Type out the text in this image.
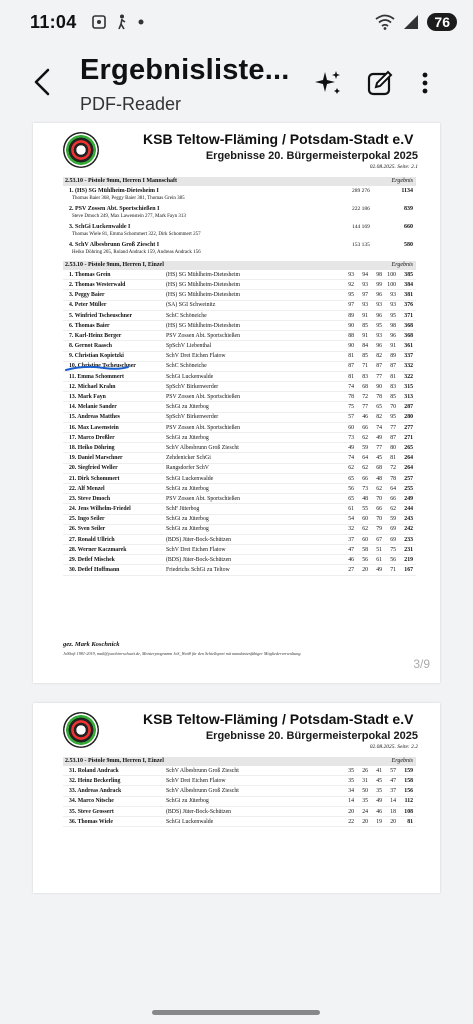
11:04	76
Ergebnisliste...
PDF-Reader
KSB Teltow-Fläming / Potsdam-Stadt e.V
Ergebnisse 20. Bürgermeisterpokal 2025
02.08.2025. Seite: 2.1
2.53.10 - Pistole 9mm, Herren I Mannschaft	Ergebnis
1. (HS) SG Mühlheim-Dietesheim I
Thomas Baier 368, Peggy Baier 381, Thomas Grein 385
289 276	1134
2. PSV Zossen Abt. Sportschießen I
Steve Dmoch 249, Max Lawenstein 277, Mark Fayn 313
222 186	839
3. SchGi Luckenwalde I
Thomas Wiele 81, Emma Schommert 322, Dirk Schommert 257
144 169	660
4. SchV Albesbrunn Groß Ziescht I
Heiko Döhring 265, Roland Andrack 159, Andreas Andrack 156
153 135	580
2.53.10 - Pistole 9mm, Herren I, Einzel	Ergebnis
1. Thomas Grein	(HS) SG Mühlheim-Dietesheim	93	94	98 100 385
2. Thomas Westerwald	(HS) SG Mühlheim-Dietesheim	92	93	99 100 384
3. Peggy Baier	(HS) SG Mühlheim-Dietesheim	95	97	96	93 381
4. Peter Müller	(SA) SGI Schweinitz	97	93	93	93 376
5. Winfried Tscheuschner	SchC Schöneiche	89	91	96	95 371
6. Thomas Baier	(HS) SG Mühlheim-Dietesheim	90	85	95	98 368
7. Karl-Heinz Berger	PSV Zossen Abt. Sportschießen	88	91	93	96 368
8. Gernot Raasch	SpSchV Liebenthal	90	84	96	91 361
9. Christian Kopietzki	SchV Drei Eichen Flatow	81	85	82	89 337
10. Christine Tscheuschner	SchC Schöneiche	87	71	87	87 332
11. Emma Schommert	SchGi Luckenwalde	81	83	77	81 322
12. Michael Krahn	SpSchV Birkenwerder	74	68	90	83 315
13. Mark Fayn	PSV Zossen Abt. Sportschießen	78	72	78	85 313
14. Melanie Sander	SchGi zu Jüterbog	75	77	65	70 287
15. Andreas Matthes	SpSchV Birkenwerder	57	46	82	95 280
16. Max Lawenstein	PSV Zossen Abt. Sportschießen	60	66	74	77 277
17. Marco Dreßler	SchGi zu Jüterbog	73	62	49	87 271
18. Heiko Döhring	SchV Albesbrunn Groß Ziescht	49	59	77	80 265
19. Daniel Marschner	Zehdenicker SchGi	74	64	45	81 264
20. Siegfried Weller	Rangsdorfer SchV	62	62	68	72 264
21. Dirk Schommert	SchGi Luckenwalde	65	66	48	78 257
22. Alf Menzel	SchGi zu Jüterbog	56	73	62	64 255
23. Steve Dmoch	PSV Zossen Abt. Sportschießen	65	48	70	66 249
24. Jens Wilhelm-Friedel	SchF Jüterbog	61	55	66	62 244
25. Ingo Seiler	SchGi zu Jüterbog	54	60	70	59 243
26. Sven Seiler	SchGi zu Jüterbog	32	62	79	69 242
27. Ronald Ullrich	(BDS) Jüter-Bock-Schützen	37	60	67	69 233
28. Werner Kaczmarek	SchV Drei Eichen Flatow	47	58	51	75 231
29. Detlef Mischek	(BDS) Jüter-Bock-Schützen	46	56	61	56 219
30. Detlef Hoffmann	Friedrichs SchGi zu Teltow	27	20	49	71 167
gez. Mark Koschnick
JoSSoft 1981-2019, mail@joachim-schuett.de, Meisterprogramm JoS_Wett8 für den Schießsport mit mandantenfähiger Mitgliederverwaltung.
3/9
KSB Teltow-Fläming / Potsdam-Stadt e.V
Ergebnisse 20. Bürgermeisterpokal 2025
02.08.2025. Seite: 2.2
2.53.10 - Pistole 9mm, Herren I, Einzel	Ergebnis
31. Roland Andrack	SchV Albesbrunn Groß Ziescht	35	26	41	57 159
32. Heinz Beckerling	SchV Drei Eichen Flatow	35	31	45	47 158
33. Andreas Andrack	SchV Albesbrunn Groß Ziescht	34	50	35	37 156
34. Marco Nitsche	SchGi zu Jüterbog	14	35	49	14 112
35. Steve Grossert	(BDS) Jüter-Bock-Schützen	20	24	46	18 108
36. Thomas Wiele	SchGi Luckenwalde	22	20	19	20 81
